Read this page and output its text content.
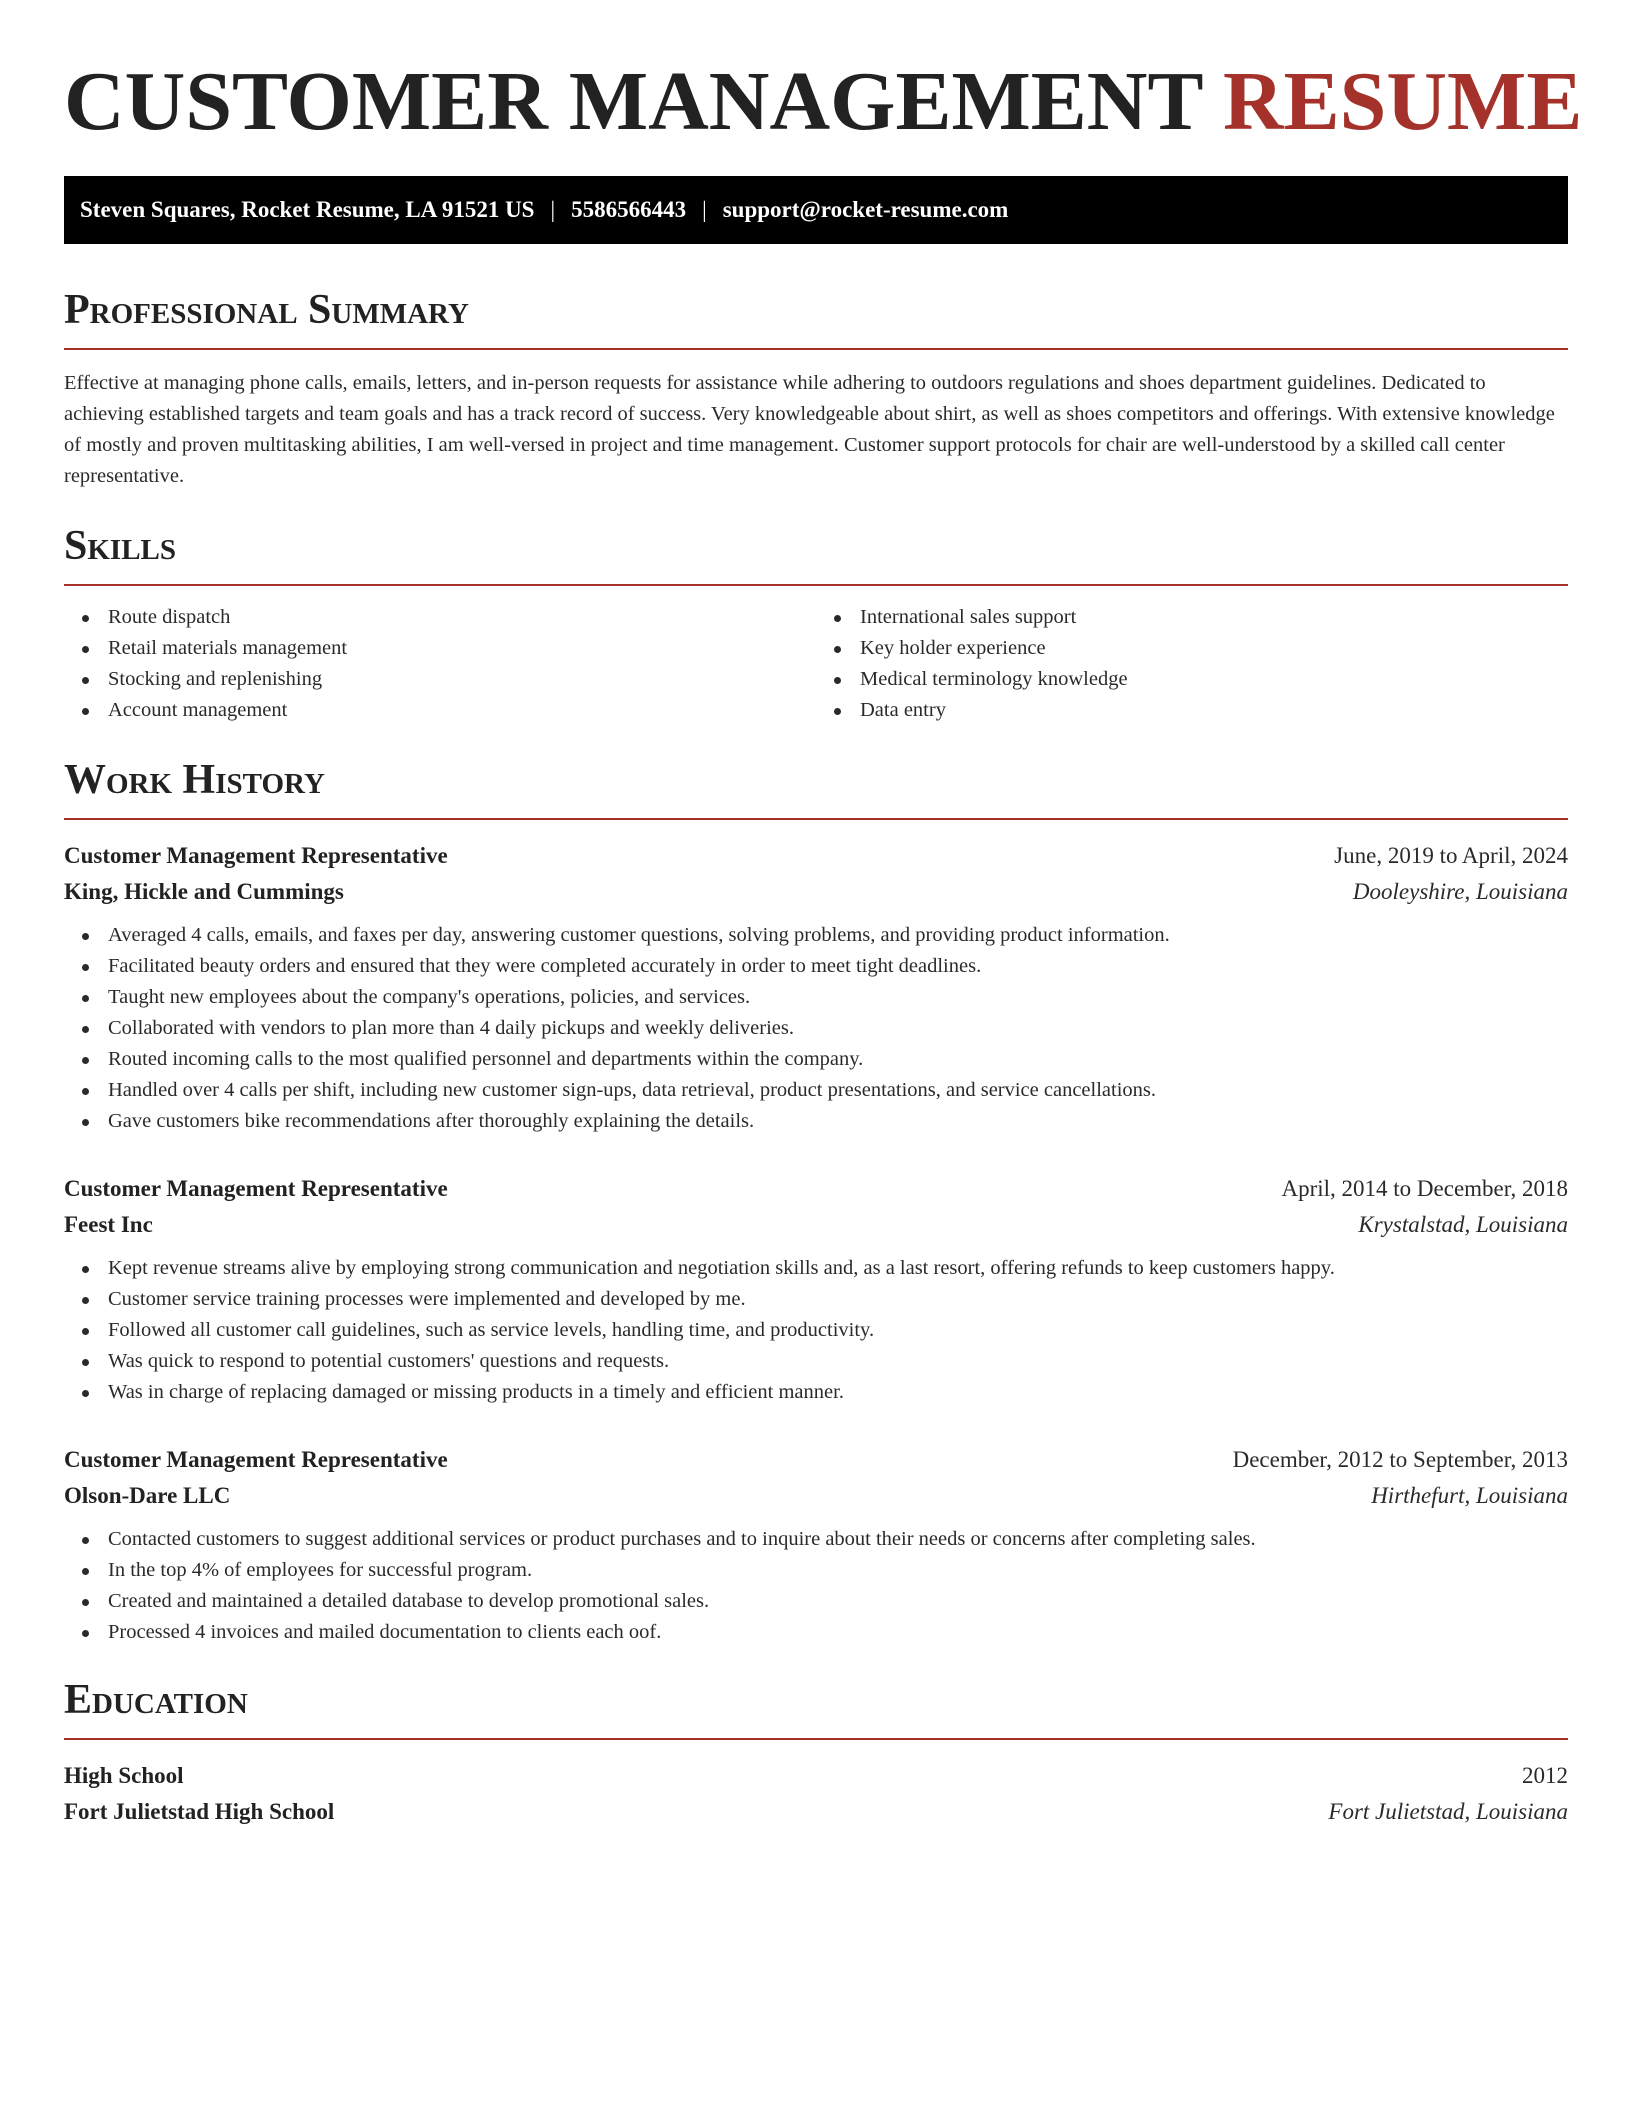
CUSTOMER MANAGEMENT RESUME
Steven Squares, Rocket Resume, LA 91521 US | 5586566443 | support@rocket-resume.com
Professional Summary

Effective at managing phone calls, emails, letters, and in-person requests for assistance while adhering to outdoors regulations and shoes department guidelines. Dedicated to achieving established targets and team goals and has a track record of success. Very knowledgeable about shirt, as well as shoes competitors and offerings. With extensive knowledge of mostly and proven multitasking abilities, I am well-versed in project and time management. Customer support protocols for chair are well-understood by a skilled call center representative.

Skills
Route dispatch
Retail materials management
Stocking and replenishing
Account management
International sales support
Key holder experience
Medical terminology knowledge
Data entry
Work History
Customer Management Representative	June, 2019 to April, 2024
King, Hickle and Cummings	Dooleyshire, Louisiana
Averaged 4 calls, emails, and faxes per day, answering customer questions, solving problems, and providing product information.
Facilitated beauty orders and ensured that they were completed accurately in order to meet tight deadlines.
Taught new employees about the company's operations, policies, and services.
Collaborated with vendors to plan more than 4 daily pickups and weekly deliveries.
Routed incoming calls to the most qualified personnel and departments within the company.
Handled over 4 calls per shift, including new customer sign-ups, data retrieval, product presentations, and service cancellations.
Gave customers bike recommendations after thoroughly explaining the details.
Customer Management Representative	April, 2014 to December, 2018
Feest Inc	Krystalstad, Louisiana
Kept revenue streams alive by employing strong communication and negotiation skills and, as a last resort, offering refunds to keep customers happy.
Customer service training processes were implemented and developed by me.
Followed all customer call guidelines, such as service levels, handling time, and productivity.
Was quick to respond to potential customers' questions and requests.
Was in charge of replacing damaged or missing products in a timely and efficient manner.
Customer Management Representative	December, 2012 to September, 2013
Olson-Dare LLC	Hirthefurt, Louisiana
Contacted customers to suggest additional services or product purchases and to inquire about their needs or concerns after completing sales.
In the top 4% of employees for successful program.
Created and maintained a detailed database to develop promotional sales.
Processed 4 invoices and mailed documentation to clients each oof.
Education
High School	2012
Fort Julietstad High School	Fort Julietstad, Louisiana
